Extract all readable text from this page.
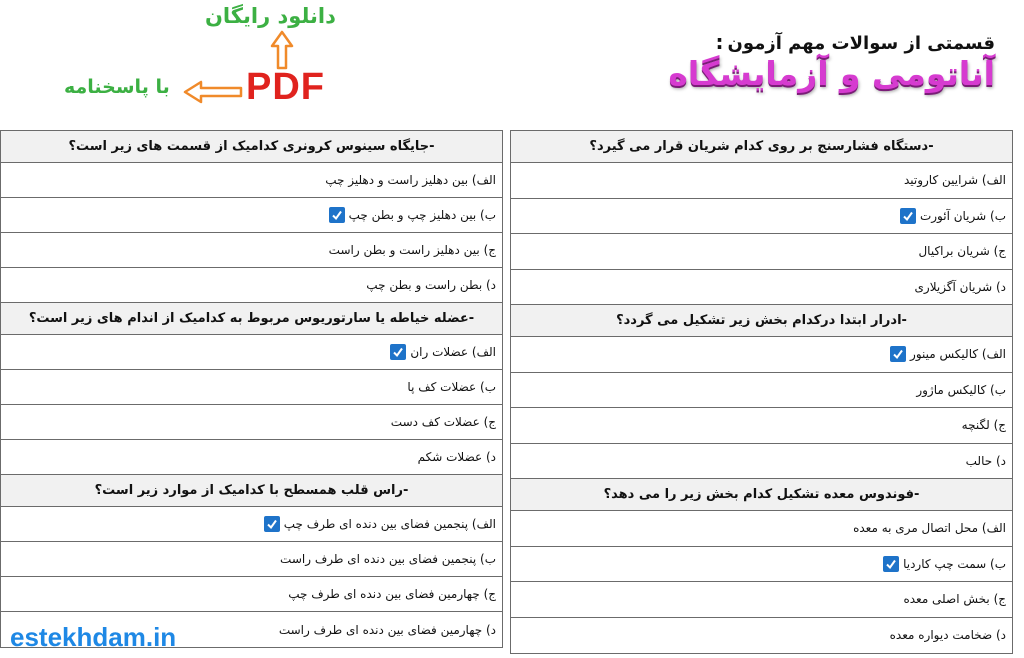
دانلود رایگان
PDF
با پاسخنامه
قسمتی از سوالات مهم آزمون:آناتومی و آزمایشگاه
-جایگاه سینوس کرونری کدامیک از قسمت های زیر است؟
الف) بین دهلیز راست و دهلیز چپ
ب) بین دهلیز چپ و بطن چپ
ج) بین دهلیز راست و بطن راست
د) بطن راست و بطن چپ
-عضله خیاطه یا سارتوریوس مربوط به کدامیک از اندام های زیر است؟
الف) عضلات ران
ب) عضلات کف پا
ج) عضلات کف دست
د) عضلات شکم
-راس قلب همسطح با کدامیک از موارد زیر است؟
الف) پنجمین فضای بین دنده ای طرف چپ
ب) پنجمین فضای بین دنده ای طرف راست
ج) چهارمین فضای بین دنده ای طرف چپ
د) چهارمین فضای بین دنده ای طرف راست
-دستگاه فشارسنج بر روی کدام شریان قرار می گیرد؟
الف) شرایین کاروتید
ب) شریان آئورت
ج) شریان براکیال
د) شریان آگزیلاری
-ادرار ابتدا درکدام بخش زیر تشکیل می گردد؟
الف) کالیکس مینور
ب) کالیکس ماژور
ج) لگنچه
د) حالب
-فوندوس معده تشکیل کدام بخش زیر را می دهد؟
الف) محل اتصال مری به معده
ب) سمت چپ کاردیا
ج) بخش اصلی معده
د) ضخامت دیواره معده
estekhdam.in
